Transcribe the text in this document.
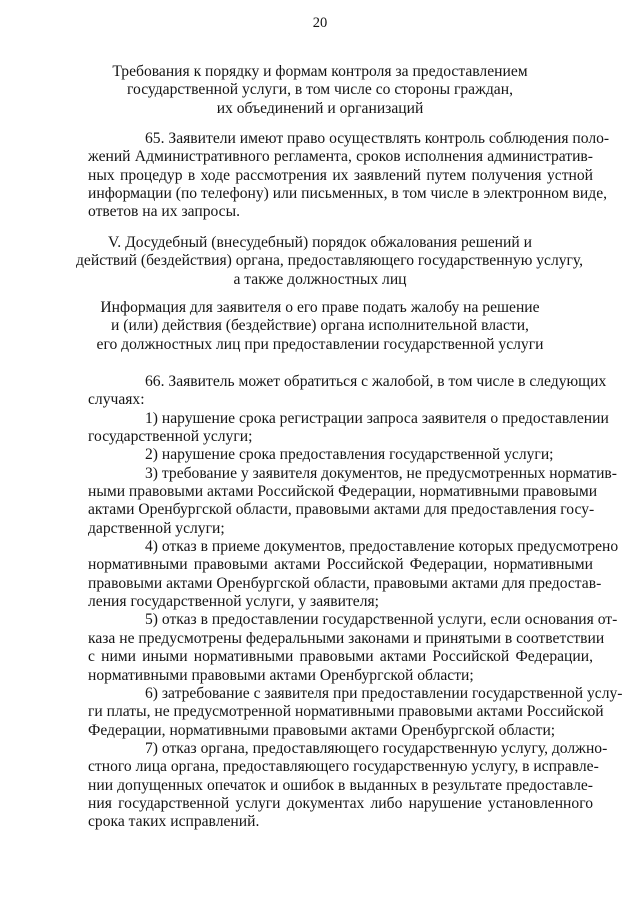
20
Требования к порядку и формам контроля за предоставлением
государственной услуги, в том числе со стороны граждан,
их объединений и организаций
65. Заявители имеют право осуществлять контроль соблюдения поло-
жений Административного регламента, сроков исполнения административ-
ных процедур в ходе рассмотрения их заявлений путем получения устной
информации (по телефону) или письменных, в том числе в электронном виде,
ответов на их запросы.
V. Досудебный (внесудебный) порядок обжалования решений и
действий (бездействия) органа, предоставляющего государственную услугу,
а также должностных лиц
Информация для заявителя о его праве подать жалобу на решение
и (или) действия (бездействие) органа исполнительной власти,
его должностных лиц при предоставлении государственной услуги
66. Заявитель может обратиться с жалобой, в том числе в следующих
случаях:
1) нарушение срока регистрации запроса заявителя о предоставлении
государственной услуги;
2) нарушение срока предоставления государственной услуги;
3) требование у заявителя документов, не предусмотренных норматив-
ными правовыми актами Российской Федерации, нормативными правовыми
актами Оренбургской области, правовыми актами для предоставления госу-
дарственной услуги;
4) отказ в приеме документов, предоставление которых предусмотрено
нормативными правовыми актами Российской Федерации, нормативными
правовыми актами Оренбургской области, правовыми актами для предостав-
ления государственной услуги, у заявителя;
5) отказ в предоставлении государственной услуги, если основания от-
каза не предусмотрены федеральными законами и принятыми в соответствии
с ними иными нормативными правовыми актами Российской Федерации,
нормативными правовыми актами Оренбургской области;
6) затребование с заявителя при предоставлении государственной услу-
ги платы, не предусмотренной нормативными правовыми актами Российской
Федерации, нормативными правовыми актами Оренбургской области;
7) отказ органа, предоставляющего государственную услугу, должно-
стного лица органа, предоставляющего государственную услугу, в исправле-
нии допущенных опечаток и ошибок в выданных в результате предоставле-
ния государственной услуги документах либо нарушение установленного
срока таких исправлений.
